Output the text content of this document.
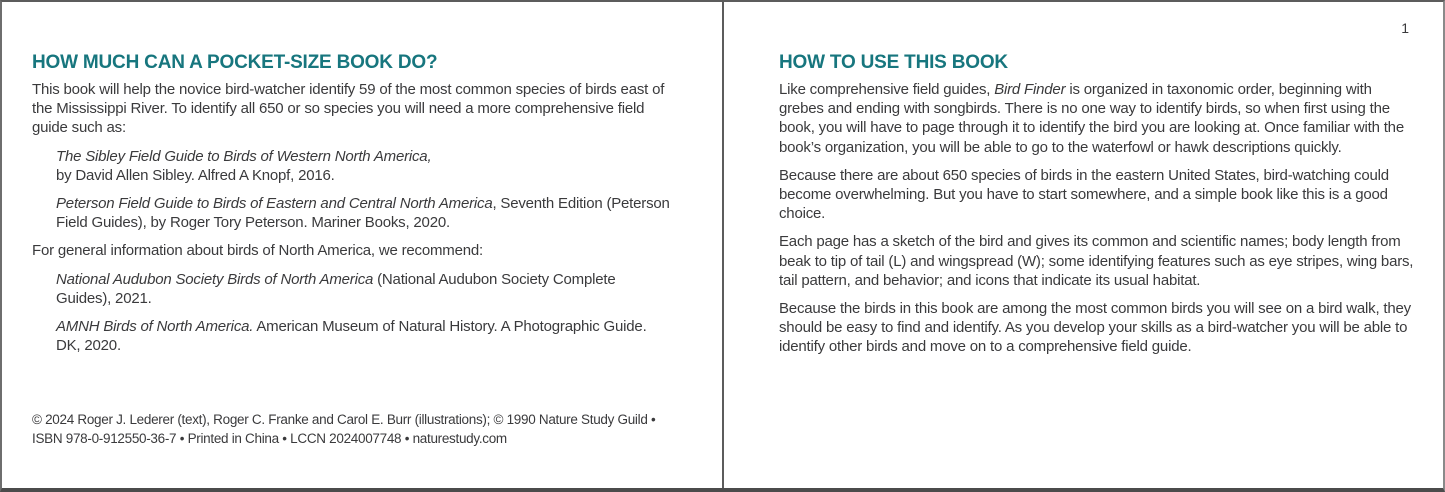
HOW MUCH CAN A POCKET-SIZE BOOK DO?

This book will help the novice bird-watcher identify 59 of the most common species of birds east of the Mississippi River. To identify all 650 or so species you will need a more comprehensive field guide such as:

The Sibley Field Guide to Birds of Western North America,
by David Allen Sibley. Alfred A Knopf, 2016.
Peterson Field Guide to Birds of Eastern and Central North America, Seventh Edition (Peterson Field Guides), by Roger Tory Peterson. Mariner Books, 2020.

For general information about birds of North America, we recommend:

National Audubon Society Birds of North America (National Audubon Society Complete Guides), 2021.
AMNH Birds of North America. American Museum of Natural History. A Photographic Guide. DK, 2020.

© 2024 Roger J. Lederer (text), Roger C. Franke and Carol E. Burr (illustrations); © 1990 Nature Study Guild • ISBN 978-0-912550-36-7 • Printed in China • LCCN 2024007748 • naturestudy.com

1
HOW TO USE THIS BOOK

Like comprehensive field guides, Bird Finder is organized in taxonomic order, beginning with grebes and ending with songbirds. There is no one way to identify birds, so when first using the book, you will have to page through it to identify the bird you are looking at. Once familiar with the book’s organization, you will be able to go to the waterfowl or hawk descriptions quickly.

Because there are about 650 species of birds in the eastern United States, bird-watching could become overwhelming. But you have to start somewhere, and a simple book like this is a good choice.

Each page has a sketch of the bird and gives its common and scientific names; body length from beak to tip of tail (L) and wingspread (W); some identifying features such as eye stripes, wing bars, tail pattern, and behavior; and icons that indicate its usual habitat.

Because the birds in this book are among the most common birds you will see on a bird walk, they should be easy to find and identify. As you develop your skills as a bird-watcher you will be able to identify other birds and move on to a comprehensive field guide.
